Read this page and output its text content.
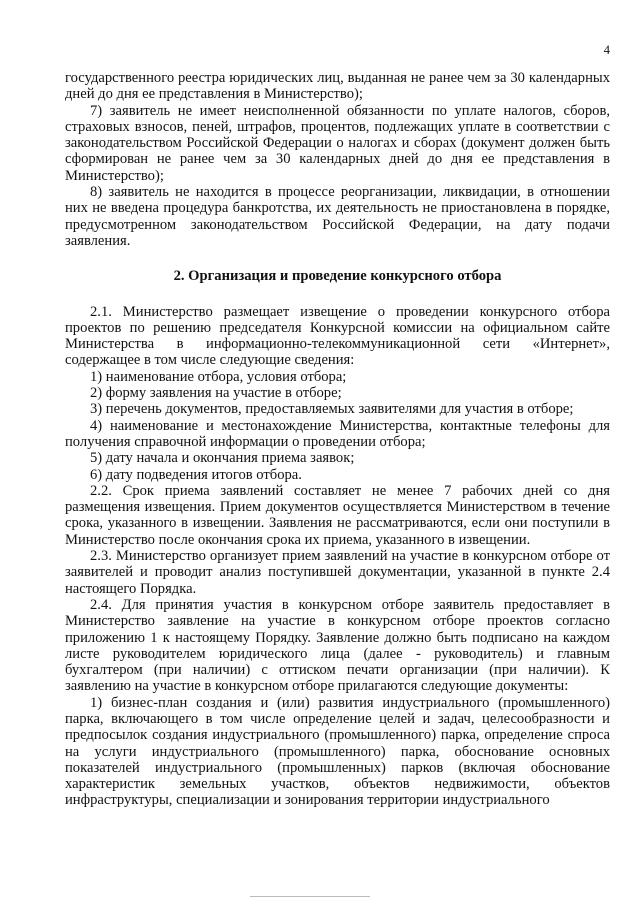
4

государственного реестра юридических лиц, выданная не ранее чем за 30 календарных дней до дня ее представления в Министерство);

7) заявитель не имеет неисполненной обязанности по уплате налогов, сборов, страховых взносов, пеней, штрафов, процентов, подлежащих уплате в соответствии с законодательством Российской Федерации о налогах и сборах (документ должен быть сформирован не ранее чем за 30 календарных дней до дня ее представления в Министерство);

8) заявитель не находится в процессе реорганизации, ликвидации, в отношении них не введена процедура банкротства, их деятельность не приостановлена в порядке, предусмотренном законодательством Российской Федерации, на дату подачи заявления.

2. Организация и проведение конкурсного отбора

2.1. Министерство размещает извещение о проведении конкурсного отбора проектов по решению председателя Конкурсной комиссии на официальном сайте Министерства в информационно-телекоммуникационной сети «Интернет», содержащее в том числе следующие сведения:

1) наименование отбора, условия отбора;

2) форму заявления на участие в отборе;

3) перечень документов, предоставляемых заявителями для участия в отборе;

4) наименование и местонахождение Министерства, контактные телефоны для получения справочной информации о проведении отбора;

5) дату начала и окончания приема заявок;

6) дату подведения итогов отбора.

2.2. Срок приема заявлений составляет не менее 7 рабочих дней со дня размещения извещения. Прием документов осуществляется Министерством в течение срока, указанного в извещении. Заявления не рассматриваются, если они поступили в Министерство после окончания срока их приема, указанного в извещении.

2.3. Министерство организует прием заявлений на участие в конкурсном отборе от заявителей и проводит анализ поступившей документации, указанной в пункте 2.4 настоящего Порядка.

2.4. Для принятия участия в конкурсном отборе заявитель предоставляет в Министерство заявление на участие в конкурсном отборе проектов согласно приложению 1 к настоящему Порядку. Заявление должно быть подписано на каждом листе руководителем юридического лица (далее - руководитель) и главным бухгалтером (при наличии) с оттиском печати организации (при наличии). К заявлению на участие в конкурсном отборе прилагаются следующие документы:

1) бизнес-план создания и (или) развития индустриального (промышленного) парка, включающего в том числе определение целей и задач, целесообразности и предпосылок создания индустриального (промышленного) парка, определение спроса на услуги индустриального (промышленного) парка, обоснование основных показателей индустриального (промышленных) парков (включая обоснование характеристик земельных участков, объектов недвижимости, объектов инфраструктуры, специализации и зонирования территории индустриального
